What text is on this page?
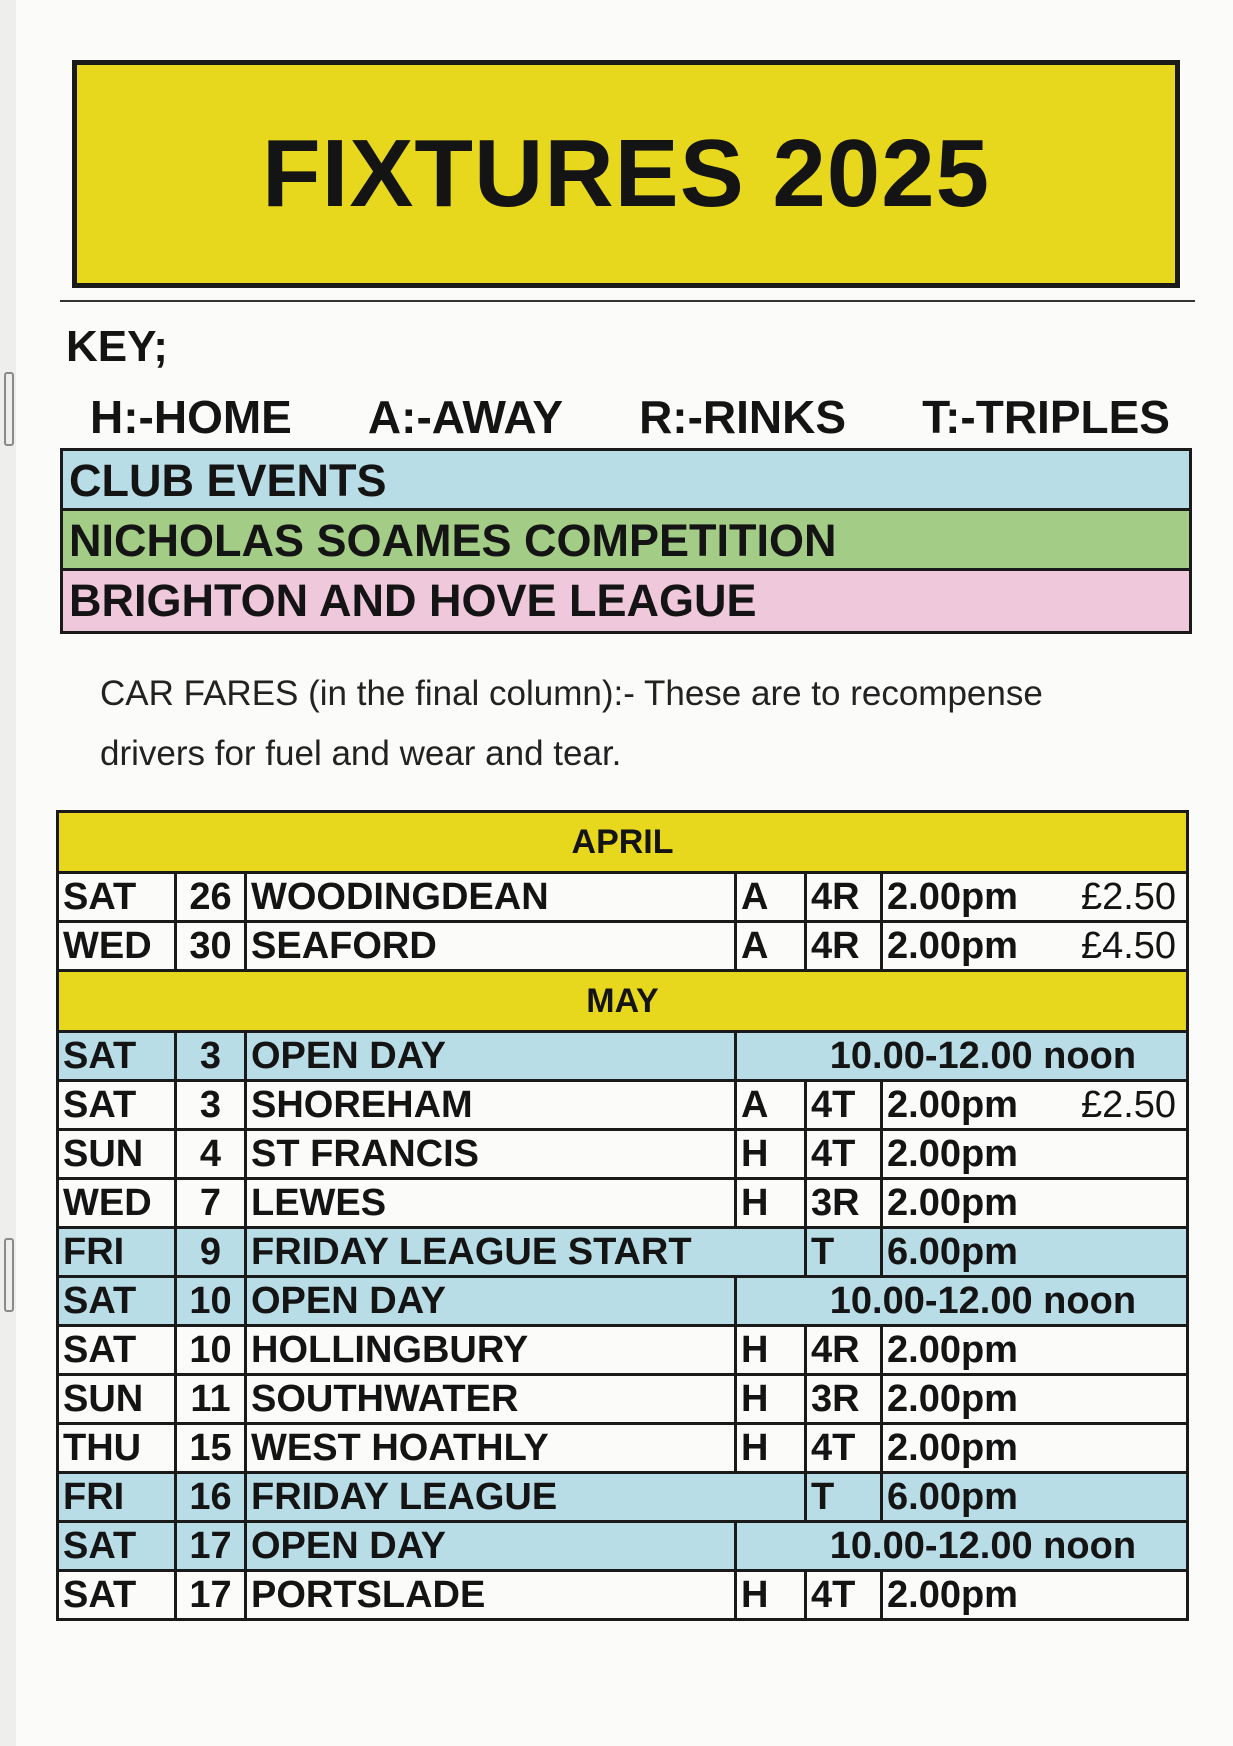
FIXTURES 2025
KEY;
H:-HOME A:-AWAY R:-RINKS T:-TRIPLES
CLUB EVENTS
NICHOLAS SOAMES COMPETITION
BRIGHTON AND HOVE LEAGUE
CAR FARES (in the final column):- These are to recompense drivers for fuel and wear and tear.
APRIL					
SAT	26	WOODINGDEAN	A	4R	2.00pm £2.50

WED	30	SEAFORD	A	4R	2.00pm £4.50

MAY					
SAT	3	OPEN DAY	10.00-12.00 noon		
SAT	3	SHOREHAM	A	4T	2.00pm £2.50

SUN	4	ST FRANCIS	H	4T	2.00pm
WED	7	LEWES	H	3R	2.00pm
FRI	9	FRIDAY LEAGUE START		T	6.00pm
SAT	10	OPEN DAY	10.00-12.00 noon		
SAT	10	HOLLINGBURY	H	4R	2.00pm
SUN	11	SOUTHWATER	H	3R	2.00pm
THU	15	WEST HOATHLY	H	4T	2.00pm
FRI	16	FRIDAY LEAGUE		T	6.00pm
SAT	17	OPEN DAY	10.00-12.00 noon		
SAT	17	PORTSLADE	H	4T	2.00pm
